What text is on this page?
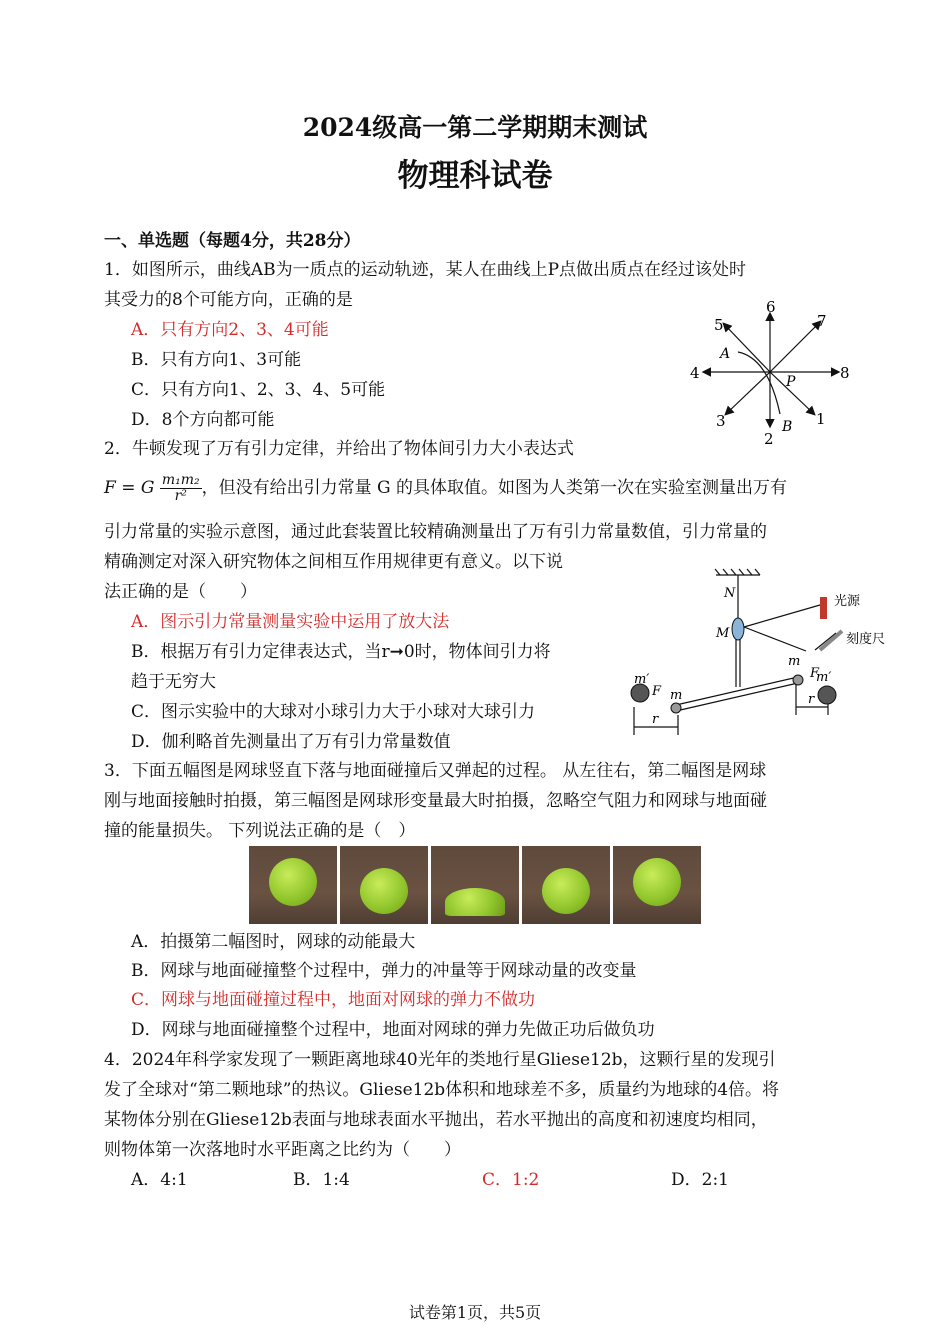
2024级高一第二学期期末测试
物理科试卷
一、单选题（每题4分，共28分）
1．如图所示，曲线AB为一质点的运动轨迹，某人在曲线上P点做出质点在经过该处时
其受力的8个可能方向，正确的是
A．只有方向2、3、4可能
B．只有方向1、3可能
C．只有方向1、2、3、4、5可能
D．8个方向都可能
6
2
4	8
5	7
3	1
A
B
P
2．牛顿发现了万有引力定律，并给出了物体间引力大小表达式
F = G $\frac{\text{m₁m₂}}{\text{r²}}$ ，但没有给出引力常量 G 的具体取值。如图为人类第一次在实验室测量出万有
引力常量的实验示意图，通过此套装置比较精确测量出了万有引力常量数值，引力常量的
精确测定对深入研究物体之间相互作用规律更有意义。以下说
法正确的是（　　）
A．图示引力常量测量实验中运用了放大法
B．根据万有引力定律表达式，当r➞0时，物体间引力将
趋于无穷大
C．图示实验中的大球对小球引力大于小球对大球引力
D．伽利略首先测量出了万有引力常量数值
光源
刻度尺
N
M
m
m
m′	m′
F
F
r
r
3．下面五幅图是网球竖直下落与地面碰撞后又弹起的过程。 从左往右，第二幅图是网球
刚与地面接触时拍摄，第三幅图是网球形变量最大时拍摄，忽略空气阻力和网球与地面碰
撞的能量损失。 下列说法正确的是（　）
A．拍摄第二幅图时，网球的动能最大
B．网球与地面碰撞整个过程中，弹力的冲量等于网球动量的改变量
C．网球与地面碰撞过程中，地面对网球的弹力不做功
D．网球与地面碰撞整个过程中，地面对网球的弹力先做正功后做负功
4．2024年科学家发现了一颗距离地球40光年的类地行星Gliese12b，这颗行星的发现引
发了全球对“第二颗地球”的热议。Gliese12b体积和地球差不多，质量约为地球的4倍。将
某物体分别在Gliese12b表面与地球表面水平抛出，若水平抛出的高度和初速度均相同，
则物体第一次落地时水平距离之比约为（　　）
A．4:1	B．1:4	C．1:2	D．2:1
试卷第1页，共5页
